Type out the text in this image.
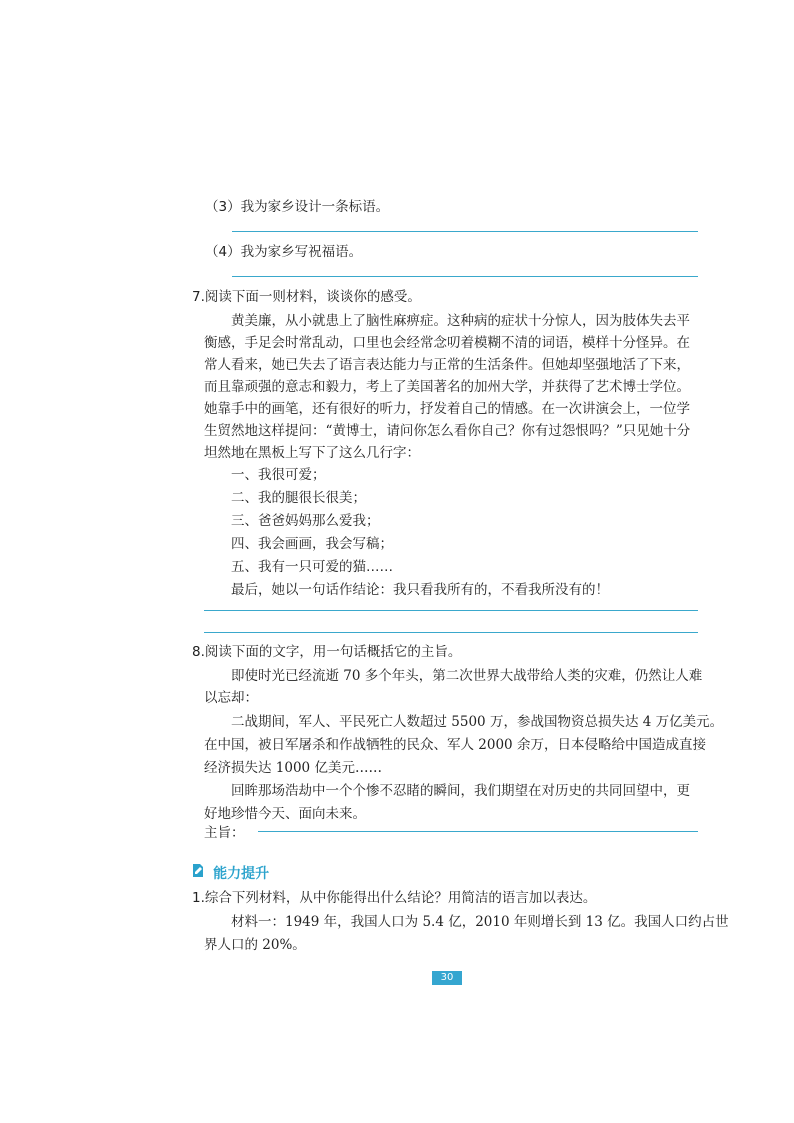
（3）我为家乡设计一条标语。
（4）我为家乡写祝福语。
7.阅读下面一则材料，谈谈你的感受。
黄美廉，从小就患上了脑性麻痹症。这种病的症状十分惊人，因为肢体失去平
衡感，手足会时常乱动，口里也会经常念叨着模糊不清的词语，模样十分怪异。在
常人看来，她已失去了语言表达能力与正常的生活条件。但她却坚强地活了下来，
而且靠顽强的意志和毅力，考上了美国著名的加州大学，并获得了艺术博士学位。
她靠手中的画笔，还有很好的听力，抒发着自己的情感。在一次讲演会上，一位学
生贸然地这样提问：“黄博士，请问你怎么看你自己？你有过怨恨吗？”只见她十分
坦然地在黑板上写下了这么几行字：
一、我很可爱；
二、我的腿很长很美；
三、爸爸妈妈那么爱我；
四、我会画画，我会写稿；
五、我有一只可爱的猫……
最后，她以一句话作结论：我只看我所有的，不看我所没有的！
8.阅读下面的文字，用一句话概括它的主旨。
即使时光已经流逝 70 多个年头，第二次世界大战带给人类的灾难，仍然让人难
以忘却：
二战期间，军人、平民死亡人数超过 5500 万，参战国物资总损失达 4 万亿美元。
在中国，被日军屠杀和作战牺牲的民众、军人 2000 余万，日本侵略给中国造成直接
经济损失达 1000 亿美元……
回眸那场浩劫中一个个惨不忍睹的瞬间，我们期望在对历史的共同回望中，更
好地珍惜今天、面向未来。
主旨：
能力提升
1.综合下列材料，从中你能得出什么结论？用简洁的语言加以表达。
材料一：1949 年，我国人口为 5.4 亿，2010 年则增长到 13 亿。我国人口约占世
界人口的 20%。
30
